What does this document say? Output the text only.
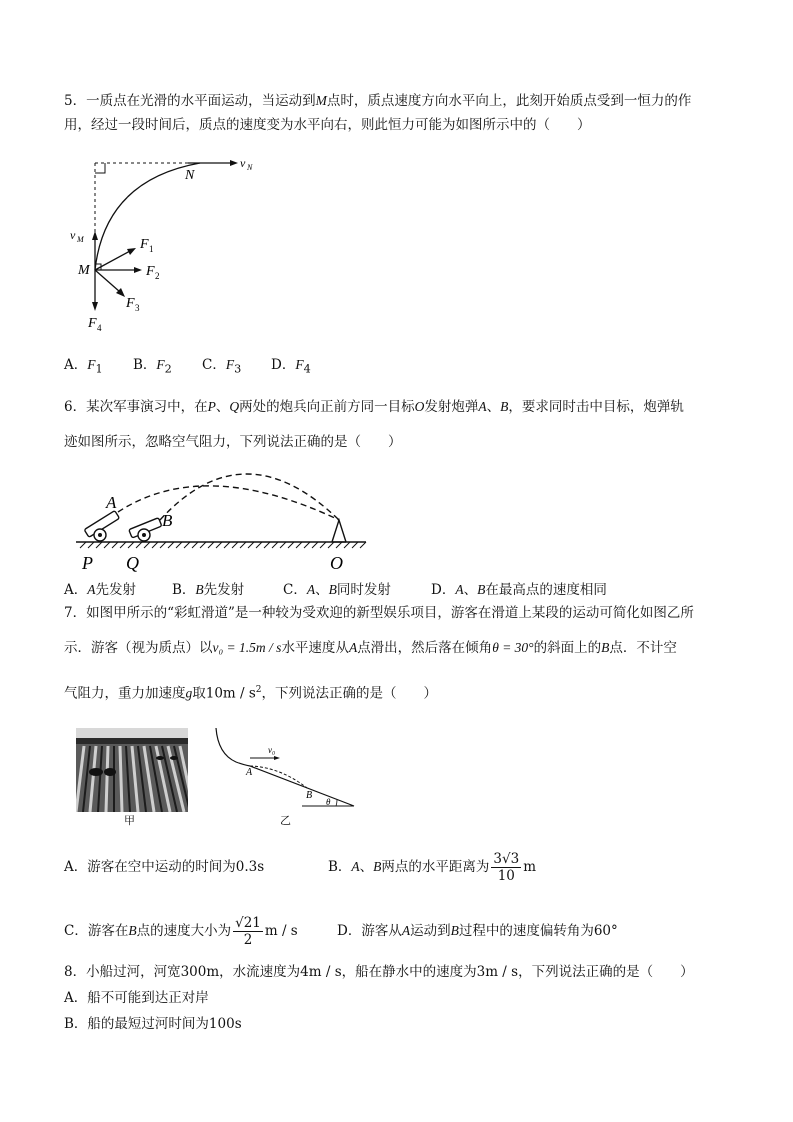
5．一质点在光滑的水平面运动，当运动到M点时，质点速度方向水平向上，此刻开始质点受到一恒力的作
用，经过一段时间后，质点的速度变为水平向右，则此恒力可能为如图所示中的（　　）
v N
N
v M
M
F 1
F 2
F 3
F 4
A．$F_1$ B．$F_2$ C．$F_3$ D．$F_4$
6．某次军事演习中，在P、Q两处的炮兵向正前方同一目标O发射炮弹A、B，要求同时击中目标，炮弹轨
迹如图所示，忽略空气阻力，下列说法正确的是（　　）
A
B
P Q	O
A．A先发射	B．B先发射	C．A、B同时发射	D．A、B在最高点的速度相同
7．如图甲所示的“彩虹滑道”是一种较为受欢迎的新型娱乐项目，游客在滑道上某段的运动可简化如图乙所
示．游客（视为质点）以v₀ = 1.5m / s水平速度从A点滑出，然后落在倾角θ = 30°的斜面上的B点．不计空
气阻力，重力加速度g取$10m / s^2$，下列说法正确的是（　　）
甲
v₀
A
B
θ
乙
A．游客在空中运动的时间为0.3s	B．A、B两点的水平距离为 $\frac{3√3}{10}$ m
C．游客在B点的速度大小为 $\frac{√21}{2}$ m / s	D．游客从A运动到B过程中的速度偏转角为60°
8．小船过河，河宽300m，水流速度为4m / s，船在静水中的速度为3m / s，下列说法正确的是（　　）
A．船不可能到达正对岸
B．船的最短过河时间为100s
